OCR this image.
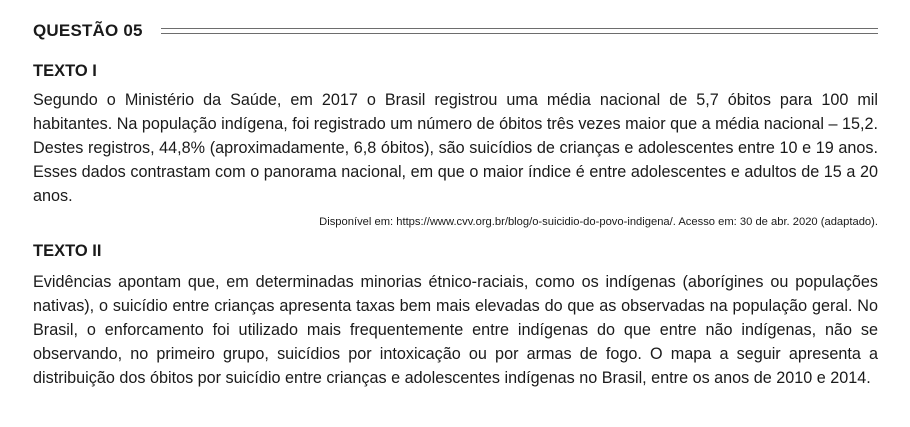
QUESTÃO 05
TEXTO I

Segundo o Ministério da Saúde, em 2017 o Brasil registrou uma média nacional de 5,7 óbitos para 100 mil habitantes. Na população indígena, foi registrado um número de óbitos três vezes maior que a média nacional – 15,2. Destes registros, 44,8% (aproximadamente, 6,8 óbitos), são suicídios de crianças e adolescentes entre 10 e 19 anos. Esses dados contrastam com o panorama nacional, em que o maior índice é entre adolescentes e adultos de 15 a 20 anos.

Disponível em: https://www.cvv.org.br/blog/o-suicidio-do-povo-indigena/. Acesso em: 30 de abr. 2020 (adaptado).
TEXTO II

Evidências apontam que, em determinadas minorias étnico-raciais, como os indígenas (aborígines ou populações nativas), o suicídio entre crianças apresenta taxas bem mais elevadas do que as observadas na população geral. No Brasil, o enforcamento foi utilizado mais frequentemente entre indígenas do que entre não indígenas, não se observando, no primeiro grupo, suicídios por intoxicação ou por armas de fogo. O mapa a seguir apresenta a distribuição dos óbitos por suicídio entre crianças e adolescentes indígenas no Brasil, entre os anos de 2010 e 2014.
